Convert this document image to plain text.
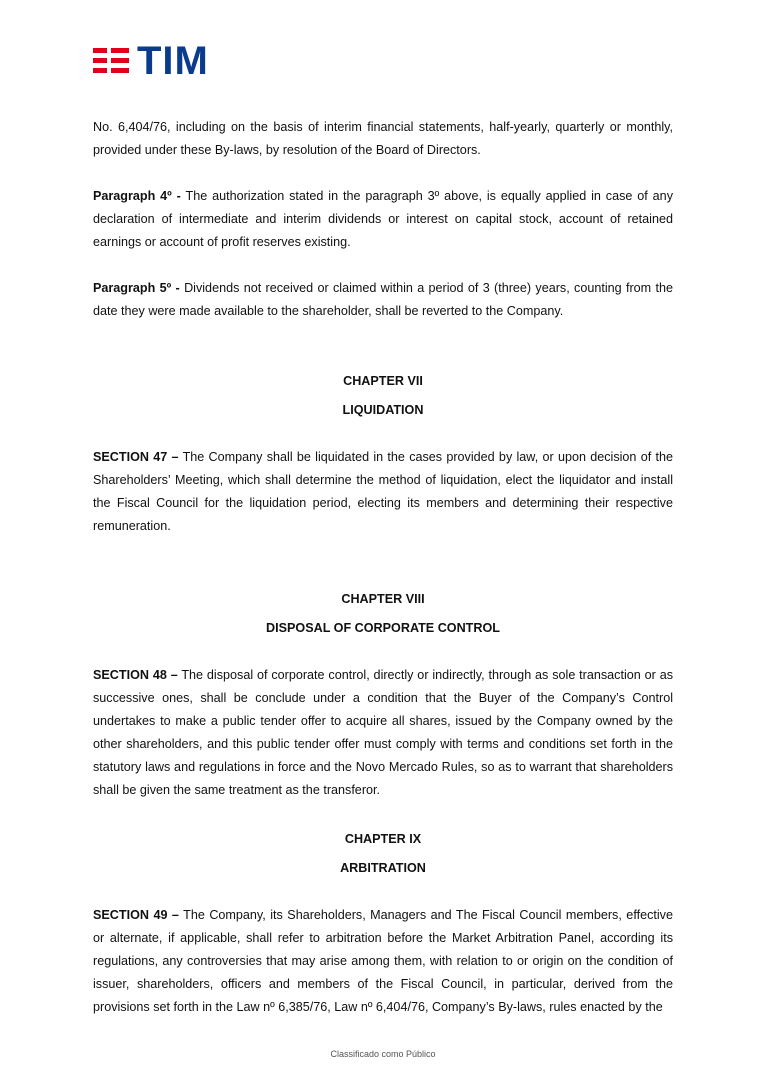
TIM

No. 6,404/76, including on the basis of interim financial statements, half-yearly, quarterly or monthly, provided under these By-laws, by resolution of the Board of Directors.

Paragraph 4º - The authorization stated in the paragraph 3º above, is equally applied in case of any declaration of intermediate and interim dividends or interest on capital stock, account of retained earnings or account of profit reserves existing.

Paragraph 5º - Dividends not received or claimed within a period of 3 (three) years, counting from the date they were made available to the shareholder, shall be reverted to the Company.

CHAPTER VII
LIQUIDATION

SECTION 47 – The Company shall be liquidated in the cases provided by law, or upon decision of the Shareholders’ Meeting, which shall determine the method of liquidation, elect the liquidator and install the Fiscal Council for the liquidation period, electing its members and determining their respective remuneration.

CHAPTER VIII
DISPOSAL OF CORPORATE CONTROL

SECTION 48 – The disposal of corporate control, directly or indirectly, through as sole transaction or as successive ones, shall be conclude under a condition that the Buyer of the Company’s Control undertakes to make a public tender offer to acquire all shares, issued by the Company owned by the other shareholders, and this public tender offer must comply with terms and conditions set forth in the statutory laws and regulations in force and the Novo Mercado Rules, so as to warrant that shareholders shall be given the same treatment as the transferor.

CHAPTER IX
ARBITRATION

SECTION 49 – The Company, its Shareholders, Managers and The Fiscal Council members, effective or alternate, if applicable, shall refer to arbitration before the Market Arbitration Panel, according its regulations, any controversies that may arise among them, with relation to or origin on the condition of issuer, shareholders, officers and members of the Fiscal Council, in particular, derived from the provisions set forth in the Law nº 6,385/76, Law nº 6,404/76, Company’s By-laws, rules enacted by the

Classificado como Público
